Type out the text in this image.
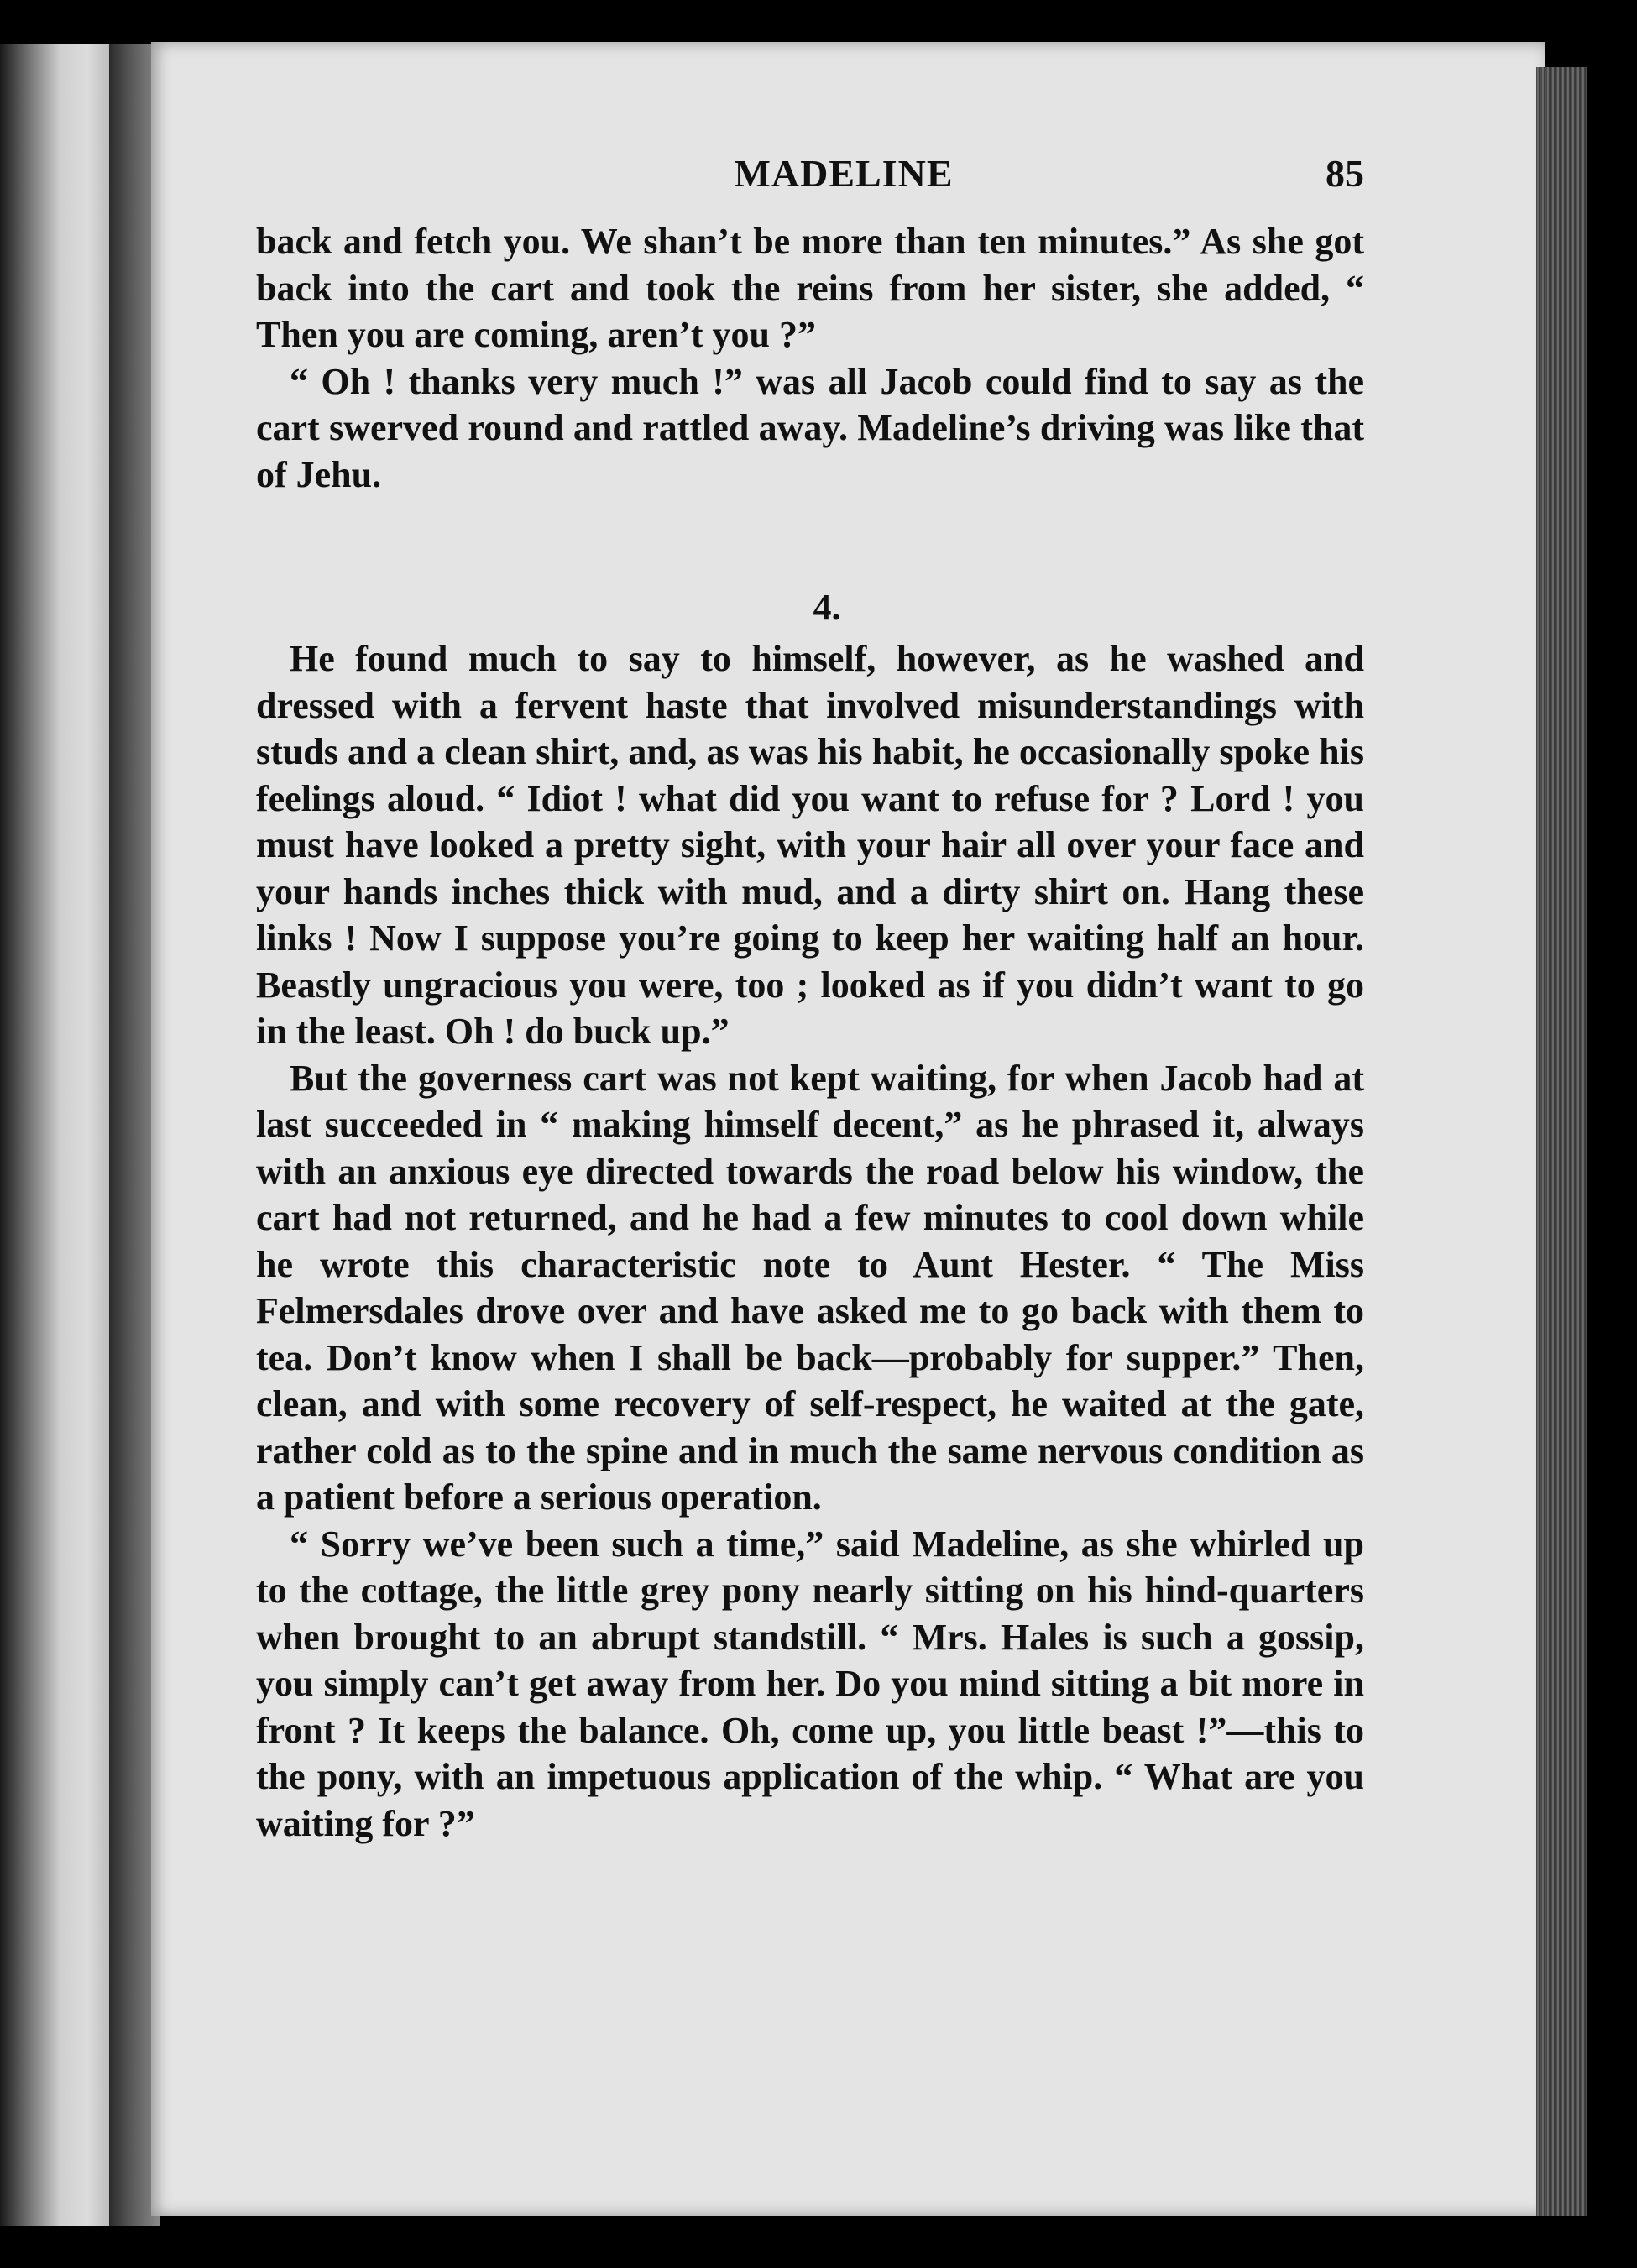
MADELINE	85

back and fetch you. We shan’t be more than ten minutes.” As she got back into the cart and took the reins from her sister, she added, “ Then you are coming, aren’t you ?”

“ Oh ! thanks very much !” was all Jacob could find to say as the cart swerved round and rattled away. Madeline’s driving was like that of Jehu.

4.

He found much to say to himself, however, as he washed and dressed with a fervent haste that involved misunderstandings with studs and a clean shirt, and, as was his habit, he occasionally spoke his feelings aloud. “ Idiot ! what did you want to refuse for ? Lord ! you must have looked a pretty sight, with your hair all over your face and your hands inches thick with mud, and a dirty shirt on. Hang these links ! Now I suppose you’re going to keep her waiting half an hour. Beastly ungracious you were, too ; looked as if you didn’t want to go in the least. Oh ! do buck up.”

But the governess cart was not kept waiting, for when Jacob had at last succeeded in “ making himself decent,” as he phrased it, always with an anxious eye directed towards the road below his window, the cart had not returned, and he had a few minutes to cool down while he wrote this characteristic note to Aunt Hester. “ The Miss Felmersdales drove over and have asked me to go back with them to tea. Don’t know when I shall be back—probably for supper.” Then, clean, and with some recovery of self-respect, he waited at the gate, rather cold as to the spine and in much the same nervous condition as a patient before a serious operation.

“ Sorry we’ve been such a time,” said Madeline, as she whirled up to the cottage, the little grey pony nearly sitting on his hind-quarters when brought to an abrupt standstill. “ Mrs. Hales is such a gossip, you simply can’t get away from her. Do you mind sitting a bit more in front ? It keeps the balance. Oh, come up, you little beast !”—this to the pony, with an impetuous application of the whip. “ What are you waiting for ?”
